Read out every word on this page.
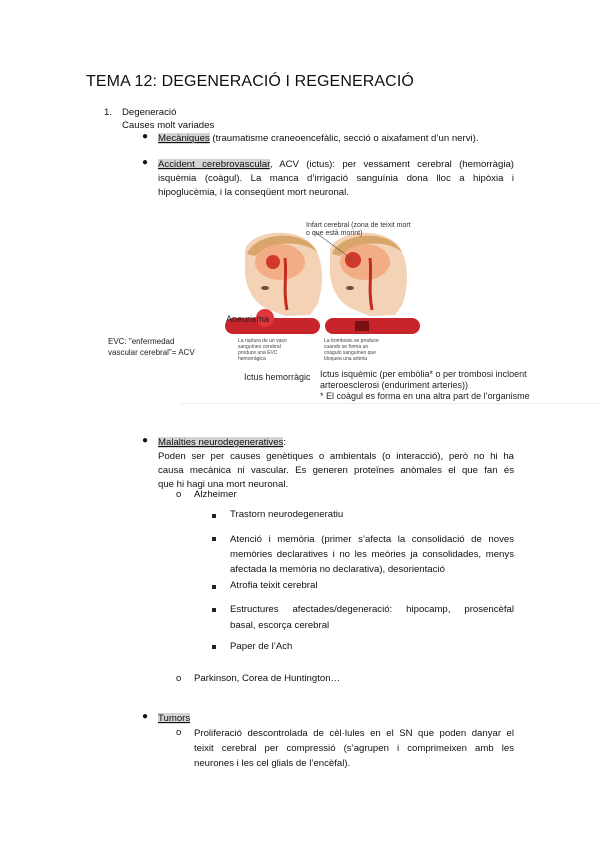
TEMA 12: DEGENERACIÓ I REGENERACIÓ
1. Degeneració
Causes molt variades
● Mecàniques (traumatisme craneoencefàlic, secció o aixafament d’un nervi).
● Accident cerebrovascular, ACV (ictus): per vessament cerebral (hemorràgia)
isquèmia (coàgul). La manca d’irrigació sanguínia dona lloc a hipòxia i
hipoglucèmia, i la conseqüent mort neuronal.
Infart cerebral (zona de teixit mort
o que està morint)
Aneurisma
La ruptura de un vaso
sanguíneo cerebral
produce una EVC
hemorrágica
La trombosis se produce
cuando se forma un
coágulo sanguíneo que
bloquea una arteria
Ictus hemorràgic Ictus isquèmic (per embòlia* o per trombosi incloent
arteroesclerosi (enduriment arteries))
* El coàgul es forma en una altra part de l’organisme
EVC: "enfermedad
vascular cerebral"= ACV
● Malalties neurodegeneratives:
Poden ser per causes genètiques o ambientals (o interacció), però no hi ha
causa mecànica ni vascular. Es generen proteïnes anòmales el que fan és
que hi hagi una mort neuronal.
o Alzheimer
Trastorn neurodegeneratiu
Atenció i memòria (primer s’afecta la consolidació de noves
memòries declaratives i no les meòries ja consolidades, menys
afectada la memòria no declarativa), desorientació
Atrofia teixit cerebral
Estructures afectades/degeneració: hipocamp, prosencèfal
basal, escorça cerebral
Paper de l’Ach
o Parkinson, Corea de Huntington…
● Tumors
o Proliferació descontrolada de cèl·lules en el SN que poden danyar el
teixit cerebral per compressió (s’agrupen i comprimeixen amb les
neurones i les cel glials de l’encèfal).
